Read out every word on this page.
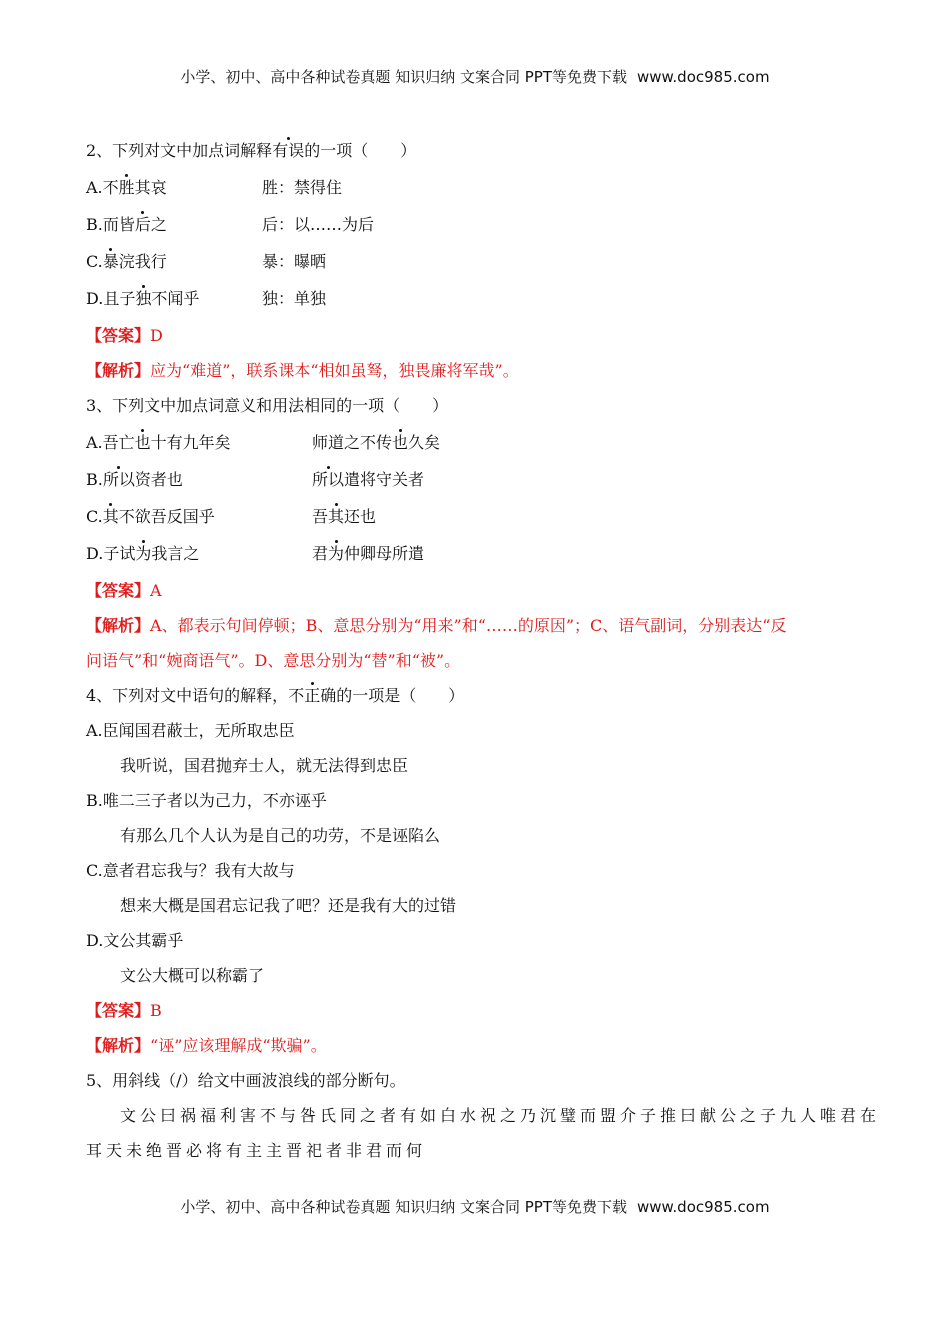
小学、初中、高中各种试卷真题 知识归纳 文案合同 PPT等免费下载 www.doc985.com
2、下列对文中加点词解释有误的一项（　　）
A.不胜其哀	胜：禁得住
B.而皆后之	后：以……为后
C.暴浣我行	暴：曝晒
D.且子独不闻乎	独：单独
【答案】D
【解析】应为“难道”，联系课本“相如虽驽，独畏廉将军哉”。
3、下列文中加点词意义和用法相同的一项（　　）
A.吾亡也十有九年矣	师道之不传也久矣
B.所以资者也	所以遣将守关者
C.其不欲吾反国乎	吾其还也
D.子试为我言之	君为仲卿母所遣
【答案】A
【解析】A、都表示句间停顿；B、意思分别为“用来”和“……的原因”；C、语气副词，分别表达“反
问语气”和“婉商语气”。D、意思分别为“替”和“被”。
4、下列对文中语句的解释，不正确的一项是（　　）
A.臣闻国君蔽士，无所取忠臣
我听说，国君抛弃士人，就无法得到忠臣
B.唯二三子者以为己力，不亦诬乎
有那么几个人认为是自己的功劳，不是诬陷么
C.意者君忘我与？我有大故与
想来大概是国君忘记我了吧？还是我有大的过错
D.文公其霸乎
文公大概可以称霸了
【答案】B
【解析】“诬”应该理解成“欺骗”。
5、用斜线（/）给文中画波浪线的部分断句。
文公曰祸福利害不与咎氏同之者有如白水祝之乃沉璧而盟介子推曰献公之子九人唯君在
耳天未绝晋必将有主主晋祀者非君而何
小学、初中、高中各种试卷真题 知识归纳 文案合同 PPT等免费下载 www.doc985.com
